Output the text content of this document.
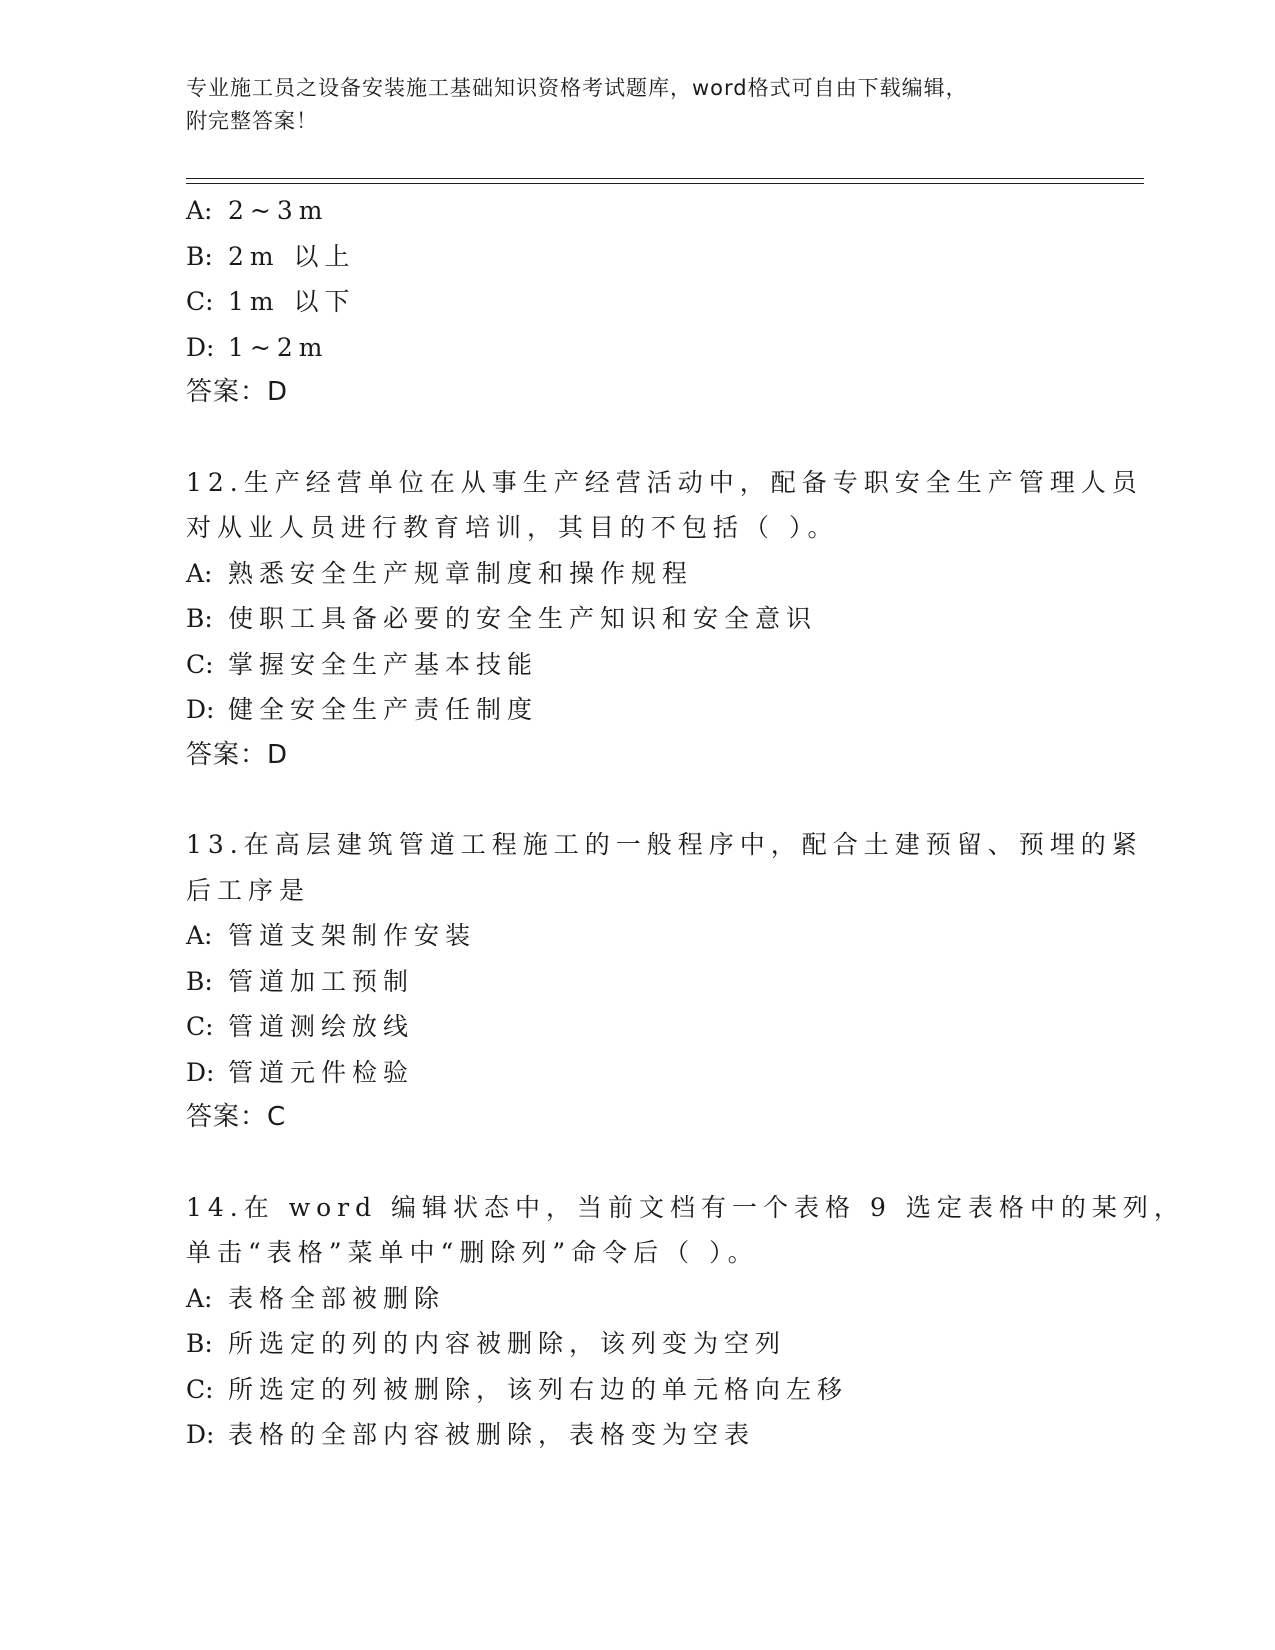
专业施工员之设备安装施工基础知识资格考试题库，word格式可自由下载编辑，
附完整答案！
A: 2~3m
B: 2m 以上
C: 1m 以下
D: 1~2m
答案：D
12.生产经营单位在从事生产经营活动中，配备专职安全生产管理人员
对从业人员进行教育培训，其目的不包括（ ）。
A: 熟悉安全生产规章制度和操作规程
B: 使职工具备必要的安全生产知识和安全意识
C: 掌握安全生产基本技能
D: 健全安全生产责任制度
答案：D
13.在高层建筑管道工程施工的一般程序中，配合土建预留、预埋的紧
后工序是
A: 管道支架制作安装
B: 管道加工预制
C: 管道测绘放线
D: 管道元件检验
答案：C
14.在 word 编辑状态中，当前文档有一个表格 9 选定表格中的某列，
单击“表格”菜单中“删除列”命令后（ ）。
A: 表格全部被删除
B: 所选定的列的内容被删除，该列变为空列
C: 所选定的列被删除，该列右边的单元格向左移
D: 表格的全部内容被删除，表格变为空表
